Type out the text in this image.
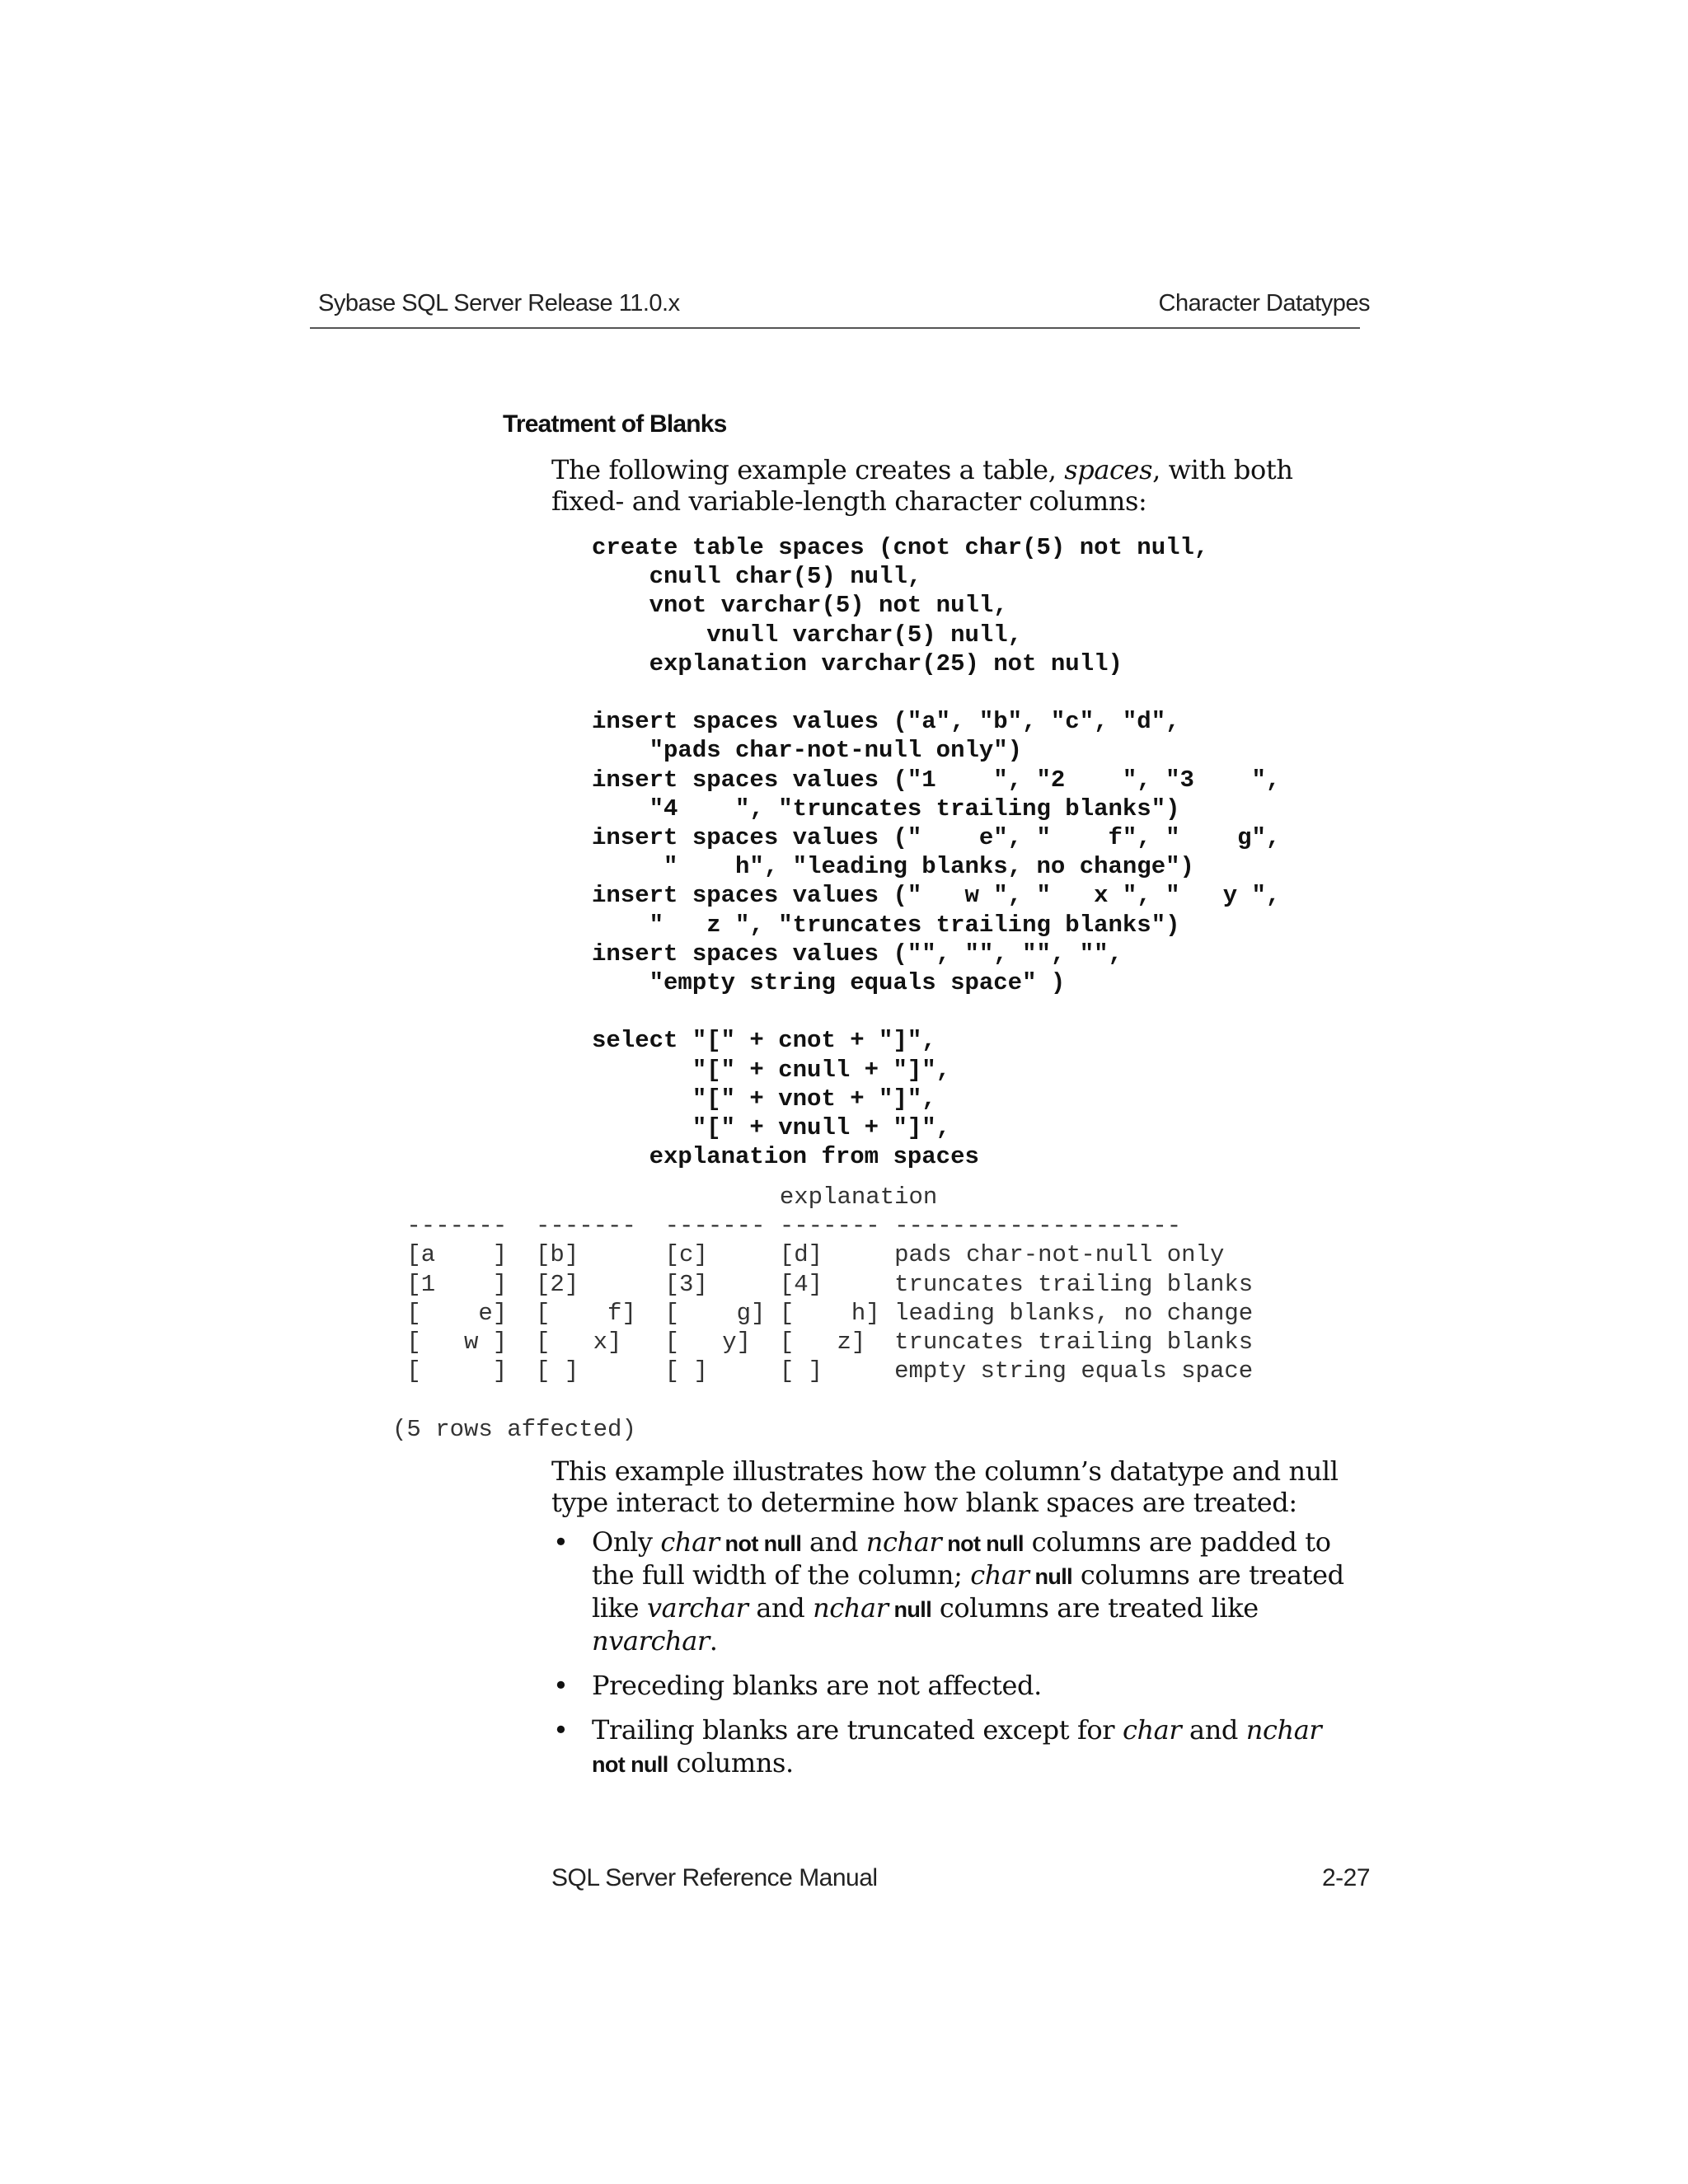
Sybase SQL Server Release 11.0.x	Character Datatypes
Treatment of Blanks
The following example creates a table, spaces, with both fixed- and variable-length character columns:
create table spaces (cnot char(5) not null,
cnull char(5) null,
vnot varchar(5) not null,
vnull varchar(5) null,
explanation varchar(25) not null)

insert spaces values ("a", "b", "c", "d",
"pads char-not-null only")
insert spaces values ("1    ", "2    ", "3    ",
"4    ", "truncates trailing blanks")
insert spaces values ("    e", "    f", "    g",
"    h", "leading blanks, no change")
insert spaces values ("   w ", "   x ", "   y ",
"   z ", "truncates trailing blanks")
insert spaces values ("", "", "", "",
"empty string equals space" )

select "[" + cnot + "]",
"[" + cnull + "]",
"[" + vnot + "]",
"[" + vnull + "]",
explanation from spaces
explanation
-------  -------  ------- ------- --------------------
[a    ]  [b]      [c]     [d]     pads char-not-null only
[1    ]  [2]      [3]     [4]     truncates trailing blanks
[    e]  [    f]  [    g] [    h] leading blanks, no change
[   w ]  [   x]   [   y]  [   z]  truncates trailing blanks
[     ]  [ ]      [ ]     [ ]     empty string equals space

(5 rows affected)
This example illustrates how the column’s datatype and null type interact to determine how blank spaces are treated:
• Only char not null and nchar not null columns are padded to the full width of the column; char null columns are treated like varchar and nchar null columns are treated like nvarchar.
• Preceding blanks are not affected.
• Trailing blanks are truncated except for char and nchar not null columns.
SQL Server Reference Manual	2-27
